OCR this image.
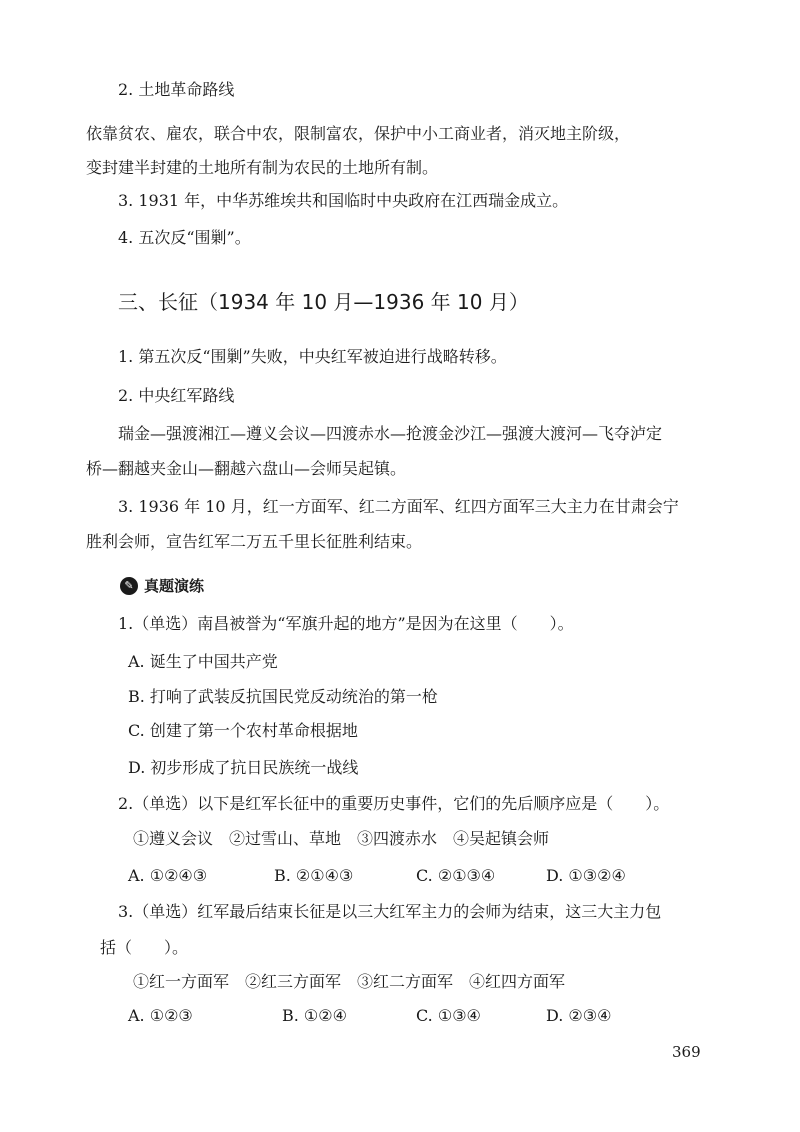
2. 土地革命路线
依靠贫农、雇农，联合中农，限制富农，保护中小工商业者，消灭地主阶级，
变封建半封建的土地所有制为农民的土地所有制。
3. 1931 年，中华苏维埃共和国临时中央政府在江西瑞金成立。
4. 五次反“围剿”。
三、长征（1934 年 10 月—1936 年 10 月）
1. 第五次反“围剿”失败，中央红军被迫进行战略转移。
2. 中央红军路线
瑞金—强渡湘江—遵义会议—四渡赤水—抢渡金沙江—强渡大渡河—飞夺泸定
桥—翻越夹金山—翻越六盘山—会师吴起镇。
3. 1936 年 10 月，红一方面军、红二方面军、红四方面军三大主力在甘肃会宁
胜利会师，宣告红军二万五千里长征胜利结束。
✎ 真题演练
1.（单选）南昌被誉为“军旗升起的地方”是因为在这里（　　）。
A. 诞生了中国共产党
B. 打响了武装反抗国民党反动统治的第一枪
C. 创建了第一个农村革命根据地
D. 初步形成了抗日民族统一战线
2.（单选）以下是红军长征中的重要历史事件，它们的先后顺序应是（　　）。
①遵义会议　②过雪山、草地　③四渡赤水　④吴起镇会师
A. ①②④③	B. ②①④③	C. ②①③④	D. ①③②④
3.（单选）红军最后结束长征是以三大红军主力的会师为结束，这三大主力包
括（　　）。
①红一方面军　②红三方面军　③红二方面军　④红四方面军
A. ①②③	B. ①②④	C. ①③④	D. ②③④
369
